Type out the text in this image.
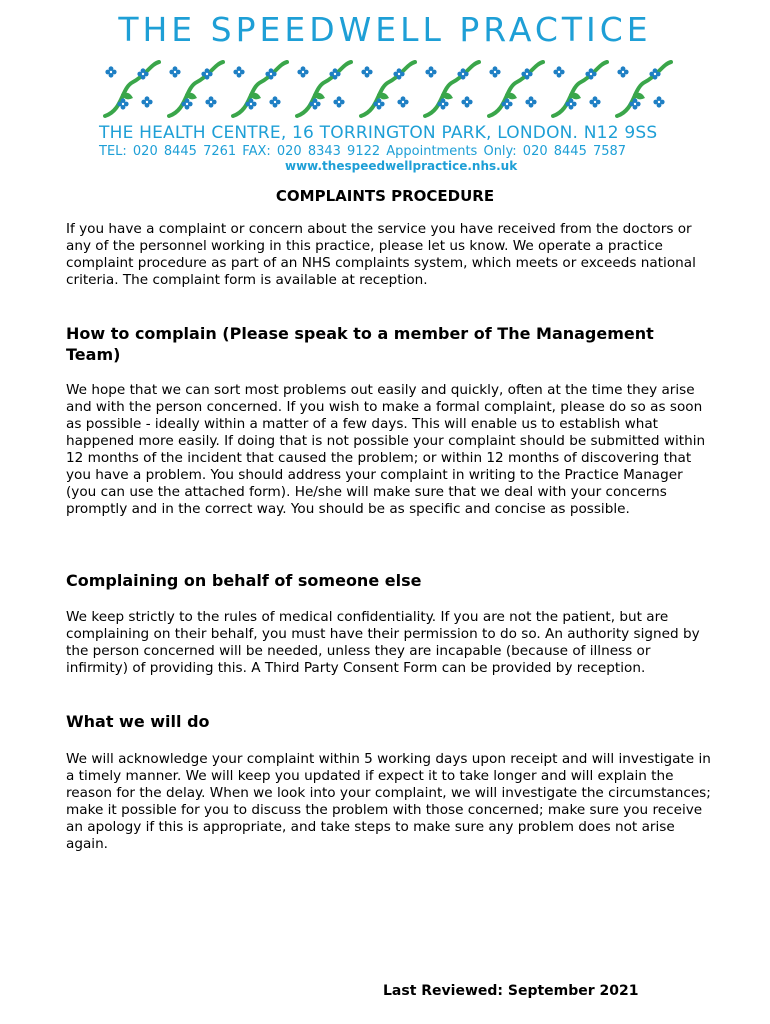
THE SPEEDWELL PRACTICE
THE HEALTH CENTRE, 16 TORRINGTON PARK, LONDON. N12 9SS
TEL: 020 8445 7261 FAX: 020 8343 9122 Appointments Only: 020 8445 7587
www.thespeedwellpractice.nhs.uk
COMPLAINTS PROCEDURE

If you have a complaint or concern about the service you have received from the doctors or any of the personnel working in this practice, please let us know. We operate a practice complaint procedure as part of an NHS complaints system, which meets or exceeds national criteria. The complaint form is available at reception.

How to complain (Please speak to a member of The Management Team)

We hope that we can sort most problems out easily and quickly, often at the time they arise and with the person concerned. If you wish to make a formal complaint, please do so as soon as possible - ideally within a matter of a few days. This will enable us to establish what happened more easily. If doing that is not possible your complaint should be submitted within 12 months of the incident that caused the problem; or within 12 months of discovering that you have a problem. You should address your complaint in writing to the Practice Manager (you can use the attached form). He/she will make sure that we deal with your concerns promptly and in the correct way. You should be as specific and concise as possible.

Complaining on behalf of someone else

We keep strictly to the rules of medical confidentiality. If you are not the patient, but are complaining on their behalf, you must have their permission to do so. An authority signed by the person concerned will be needed, unless they are incapable (because of illness or infirmity) of providing this. A Third Party Consent Form can be provided by reception.

What we will do

We will acknowledge your complaint within 5 working days upon receipt and will investigate in a timely manner. We will keep you updated if expect it to take longer and will explain the reason for the delay. When we look into your complaint, we will investigate the circumstances; make it possible for you to discuss the problem with those concerned; make sure you receive an apology if this is appropriate, and take steps to make sure any problem does not arise again.

Last Reviewed: September 2021
